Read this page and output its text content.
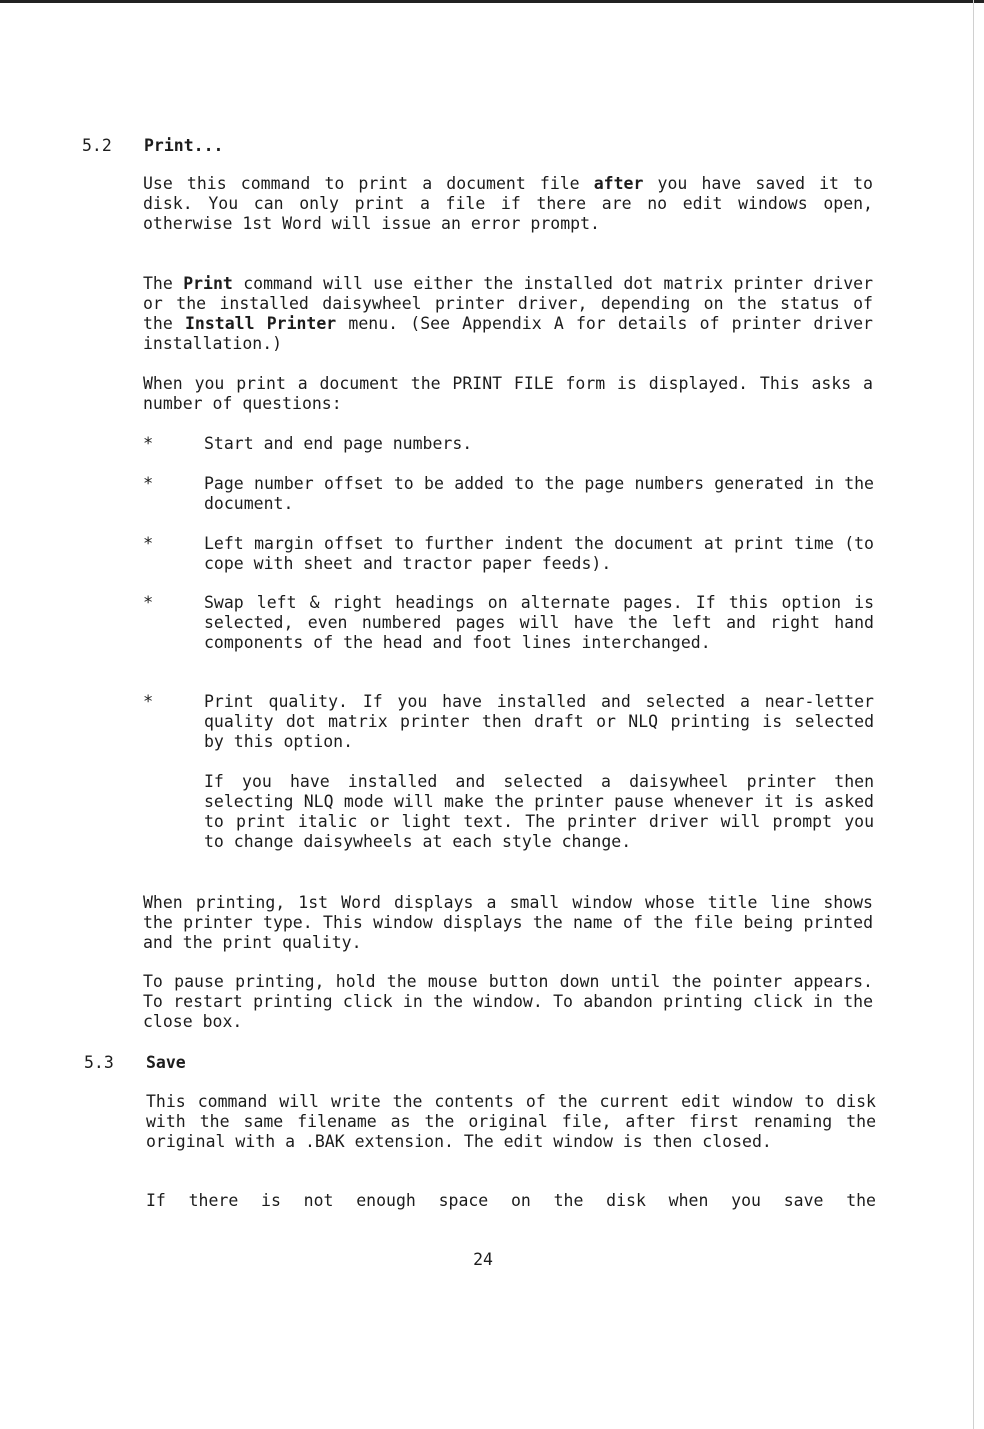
5.2 Print...
Use this command to print a document file after you have saved it to disk. You can only print a file if there are no edit windows open, otherwise 1st Word will issue an error prompt.
The Print command will use either the installed dot matrix printer driver or the installed daisywheel printer driver, depending on the status of the Install Printer menu. (See Appendix A for details of printer driver installation.)
When you print a document the PRINT FILE form is displayed. This asks a number of questions:
*	Start and end page numbers.
*	Page number offset to be added to the page numbers generated in the document.
*	Left margin offset to further indent the document at print time (to cope with sheet and tractor paper feeds).
*	Swap left & right headings on alternate pages. If this option is selected, even numbered pages will have the left and right hand components of the head and foot lines interchanged.
*	Print quality. If you have installed and selected a near-letter quality dot matrix printer then draft or NLQ printing is selected by this option.
If you have installed and selected a daisywheel printer then selecting NLQ mode will make the printer pause whenever it is asked to print italic or light text. The printer driver will prompt you to change daisywheels at each style change.
When printing, 1st Word displays a small window whose title line shows the printer type. This window displays the name of the file being printed and the print quality.
To pause printing, hold the mouse button down until the pointer appears. To restart printing click in the window. To abandon printing click in the close box.
5.3 Save
This command will write the contents of the current edit window to disk with the same filename as the original file, after first renaming the original with a .BAK extension. The edit window is then closed.
If there is not enough space on the disk when you save the
24
